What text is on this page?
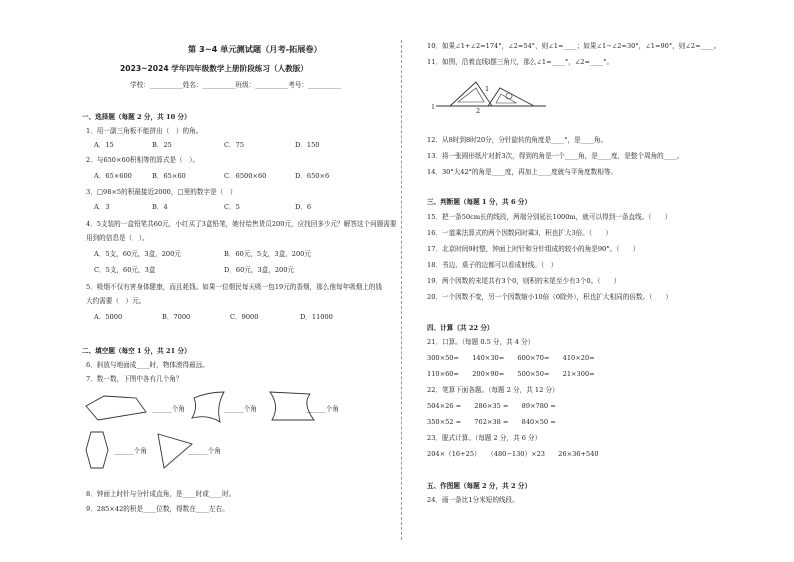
第 3~4 单元测试题（月考-拓展卷）
2023~2024 学年四年级数学上册阶段练习（人教版）
学校：__________姓名：__________班级：__________考号：__________
一、选择题（每题 2 分，共 10 分）
1．用一副三角板不能拼出（　）的角。
A．15	B．25	C．75	D．150
2．与650×60积相等的算式是（　）。
A．65×600	B．65×60	C．6500×60	D．650×6
3．□98×5的积最接近2000，□里的数字是（　）
A．3	B．4	C．5	D．6
4．5支装的一盒铅笔共60元，小红买了3盒铅笔，她付给售货员200元，应找回多少元？解答这个问题需要
用到的信息是（　）。
A．5支，60元，3盒，200元	B．60元，5支，3盒，200元
C．5支，60元，3盒	D．60元，3盒，200元
5．吸烟不仅有害身体健康，而且耗钱。如果一位烟民每天吸一包19元的香烟，那么他每年吸烟上的钱
大约需要（　）元。
A．5000	B．7000	C．9000	D．11000
二、填空题（每空 1 分，共 21 分）
6．斜放与地面成____时，物体滚得最远。
7．数一数，下图中各有几个角？
______个角	______个角	______个角
______个角	______个角
8．钟面上时针与分针成直角，是____时或____时。
9．285×42的积是____位数，得数在____左右。
10．如果∠1+∠2=174°，∠2=54°，则∠1=____；如果∠1−∠2=30°，∠1=90°，则∠2=____。
11．如图，沿着直线l摆三角尺，那么∠1=____°，∠2=____°。
l
1
2
12．从8时到8时20分，分针旋转的角度是____°，是____角。
13．将一张圆形纸片对折3次，得到的角是一个____角，是____度，是整个周角的____。
14．30°大42°的角是____度，再加上____度就与平角度数相等。
三、判断题（每题 1 分，共 6 分）
15．把一条50cm长的线段，两端分别延长1000m，就可以得到一条直线。（　　）
16．一道乘法算式的两个因数同时乘3，积也扩大3倍。（　　）
17．北京时间9时整，钟面上时针和分针组成的较小的角是90°。（　　）
18．书边、桌子的边都可以看成射线。（　）
19．两个因数的末尾共有3个0，则积的末尾至少有3个0。（　　）
20．一个因数不变，另一个因数缩小10倍（0除外），积也扩大相同的倍数。（　　）
四、计算（共 22 分）
21．口算。（每题 0.5 分，共 4 分）
300×50=　　140×30=　　600×70=　　410×20=
110×60=　　200×90=　　500×50=　　21×300=
22．笔算下面各题。（每题 2 分，共 12 分）
504×26 =　　286×35 =　　89×780 =
350×52 =　　762×38 =　　840×50 =
23．脱式计算。（每题 2 分，共 6 分）
204×（16+25）　　（480−130）×23　　26×36+540
五、作图题（每题 2 分，共 2 分）
24．画一条比1分米短的线段。
